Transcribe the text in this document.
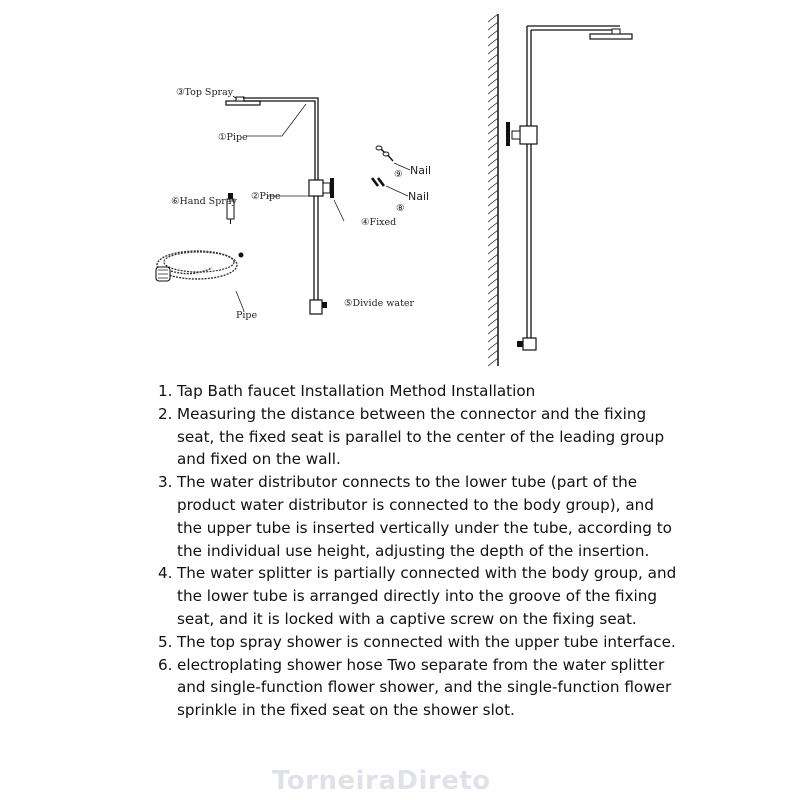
③Top Spray
①Pipe
②Pipe
⑥Hand Spray
④Fixed
⑤Divide water
Pipe
Nail
⑨
Nail
⑧
1. Tap Bath faucet Installation Method Installation
2. Measuring the distance between the connector and the fixing seat, the fixed seat is parallel to the center of the leading group and fixed on the wall.
3. The water distributor connects to the lower tube (part of the product water distributor is connected to the body group), and the upper tube is inserted vertically under the tube, according to the individual use height, adjusting the depth of the insertion.
4. The water splitter is partially connected with the body group, and the lower tube is arranged directly into the groove of the fixing seat, and it is locked with a captive screw on the fixing seat.
5. The top spray shower is connected with the upper tube interface.
6. electroplating shower hose Two separate from the water splitter and single-function flower shower, and the single-function flower sprinkle in the fixed seat on the shower slot.
TorneiraDireto
